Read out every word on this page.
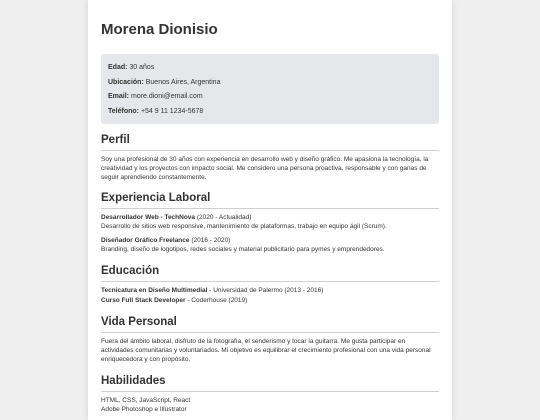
Morena Dionisio

Edad: 30 años

Ubicación: Buenos Aires, Argentina

Email: more.dioni@email.com

Teléfono: +54 9 11 1234-5678

Perfil

Soy una profesional de 30 años con experiencia en desarrollo web y diseño gráfico. Me apasiona la tecnología, la creatividad y los proyectos con impacto social. Me considero una persona proactiva, responsable y con ganas de seguir aprendiendo constantemente.

Experiencia Laboral

Desarrollador Web - TechNova (2020 - Actualidad)
Desarrollo de sitios web responsive, mantenimiento de plataformas, trabajo en equipo ágil (Scrum).

Diseñador Gráfico Freelance (2016 - 2020)
Branding, diseño de logotipos, redes sociales y material publicitario para pymes y emprendedores.

Educación

Tecnicatura en Diseño Multimedial - Universidad de Palermo (2013 - 2016)

Curso Full Stack Developer - Coderhouse (2019)

Vida Personal

Fuera del ámbito laboral, disfruto de la fotografía, el senderismo y tocar la guitarra. Me gusta participar en actividades comunitarias y voluntariados. Mi objetivo es equilibrar el crecimiento profesional con una vida personal enriquecedora y con propósito.

Habilidades

HTML, CSS, JavaScript, React

Adobe Photoshop e Illustrator
